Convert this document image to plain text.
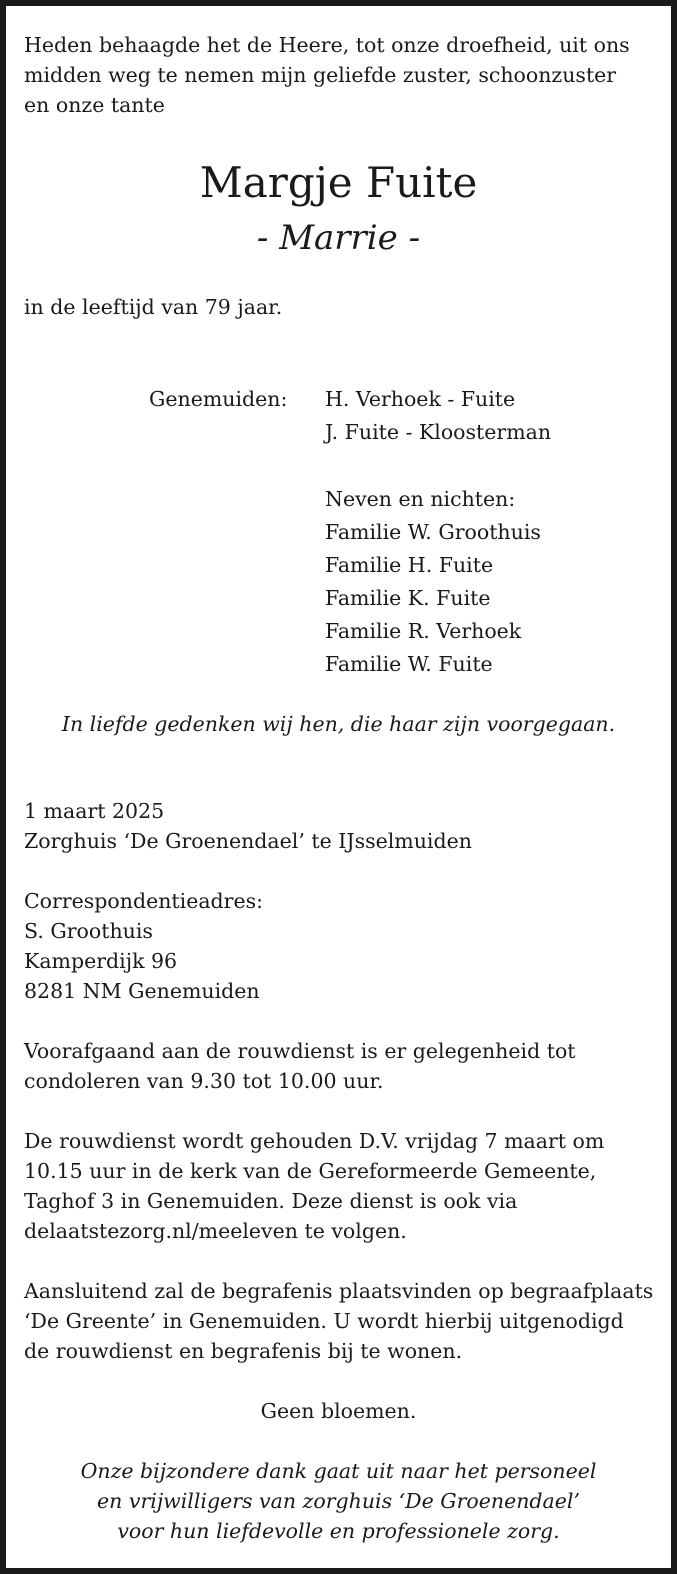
Heden behaagde het de Heere, tot onze droefheid, uit ons
midden weg te nemen mijn geliefde zuster, schoonzuster
en onze tante

Margje Fuite

- Marrie -

in de leeftijd van 79 jaar.

Genemuiden: H. Verhoek - Fuite
J. Fuite - Kloosterman
Neven en nichten:
Familie W. Groothuis
Familie H. Fuite
Familie K. Fuite
Familie R. Verhoek
Familie W. Fuite

In liefde gedenken wij hen, die haar zijn voorgegaan.

1 maart 2025
Zorghuis ‘De Groenendael’ te IJsselmuiden

Correspondentieadres:
S. Groothuis
Kamperdijk 96
8281 NM Genemuiden

Voorafgaand aan de rouwdienst is er gelegenheid tot
condoleren van 9.30 tot 10.00 uur.

De rouwdienst wordt gehouden D.V. vrijdag 7 maart om
10.15 uur in de kerk van de Gereformeerde Gemeente,
Taghof 3 in Genemuiden. Deze dienst is ook via
delaatstezorg.nl/meeleven te volgen.

Aansluitend zal de begrafenis plaatsvinden op begraafplaats
‘De Greente’ in Genemuiden. U wordt hierbij uitgenodigd
de rouwdienst en begrafenis bij te wonen.

Geen bloemen.

Onze bijzondere dank gaat uit naar het personeel
en vrijwilligers van zorghuis ‘De Groenendael’
voor hun liefdevolle en professionele zorg.
